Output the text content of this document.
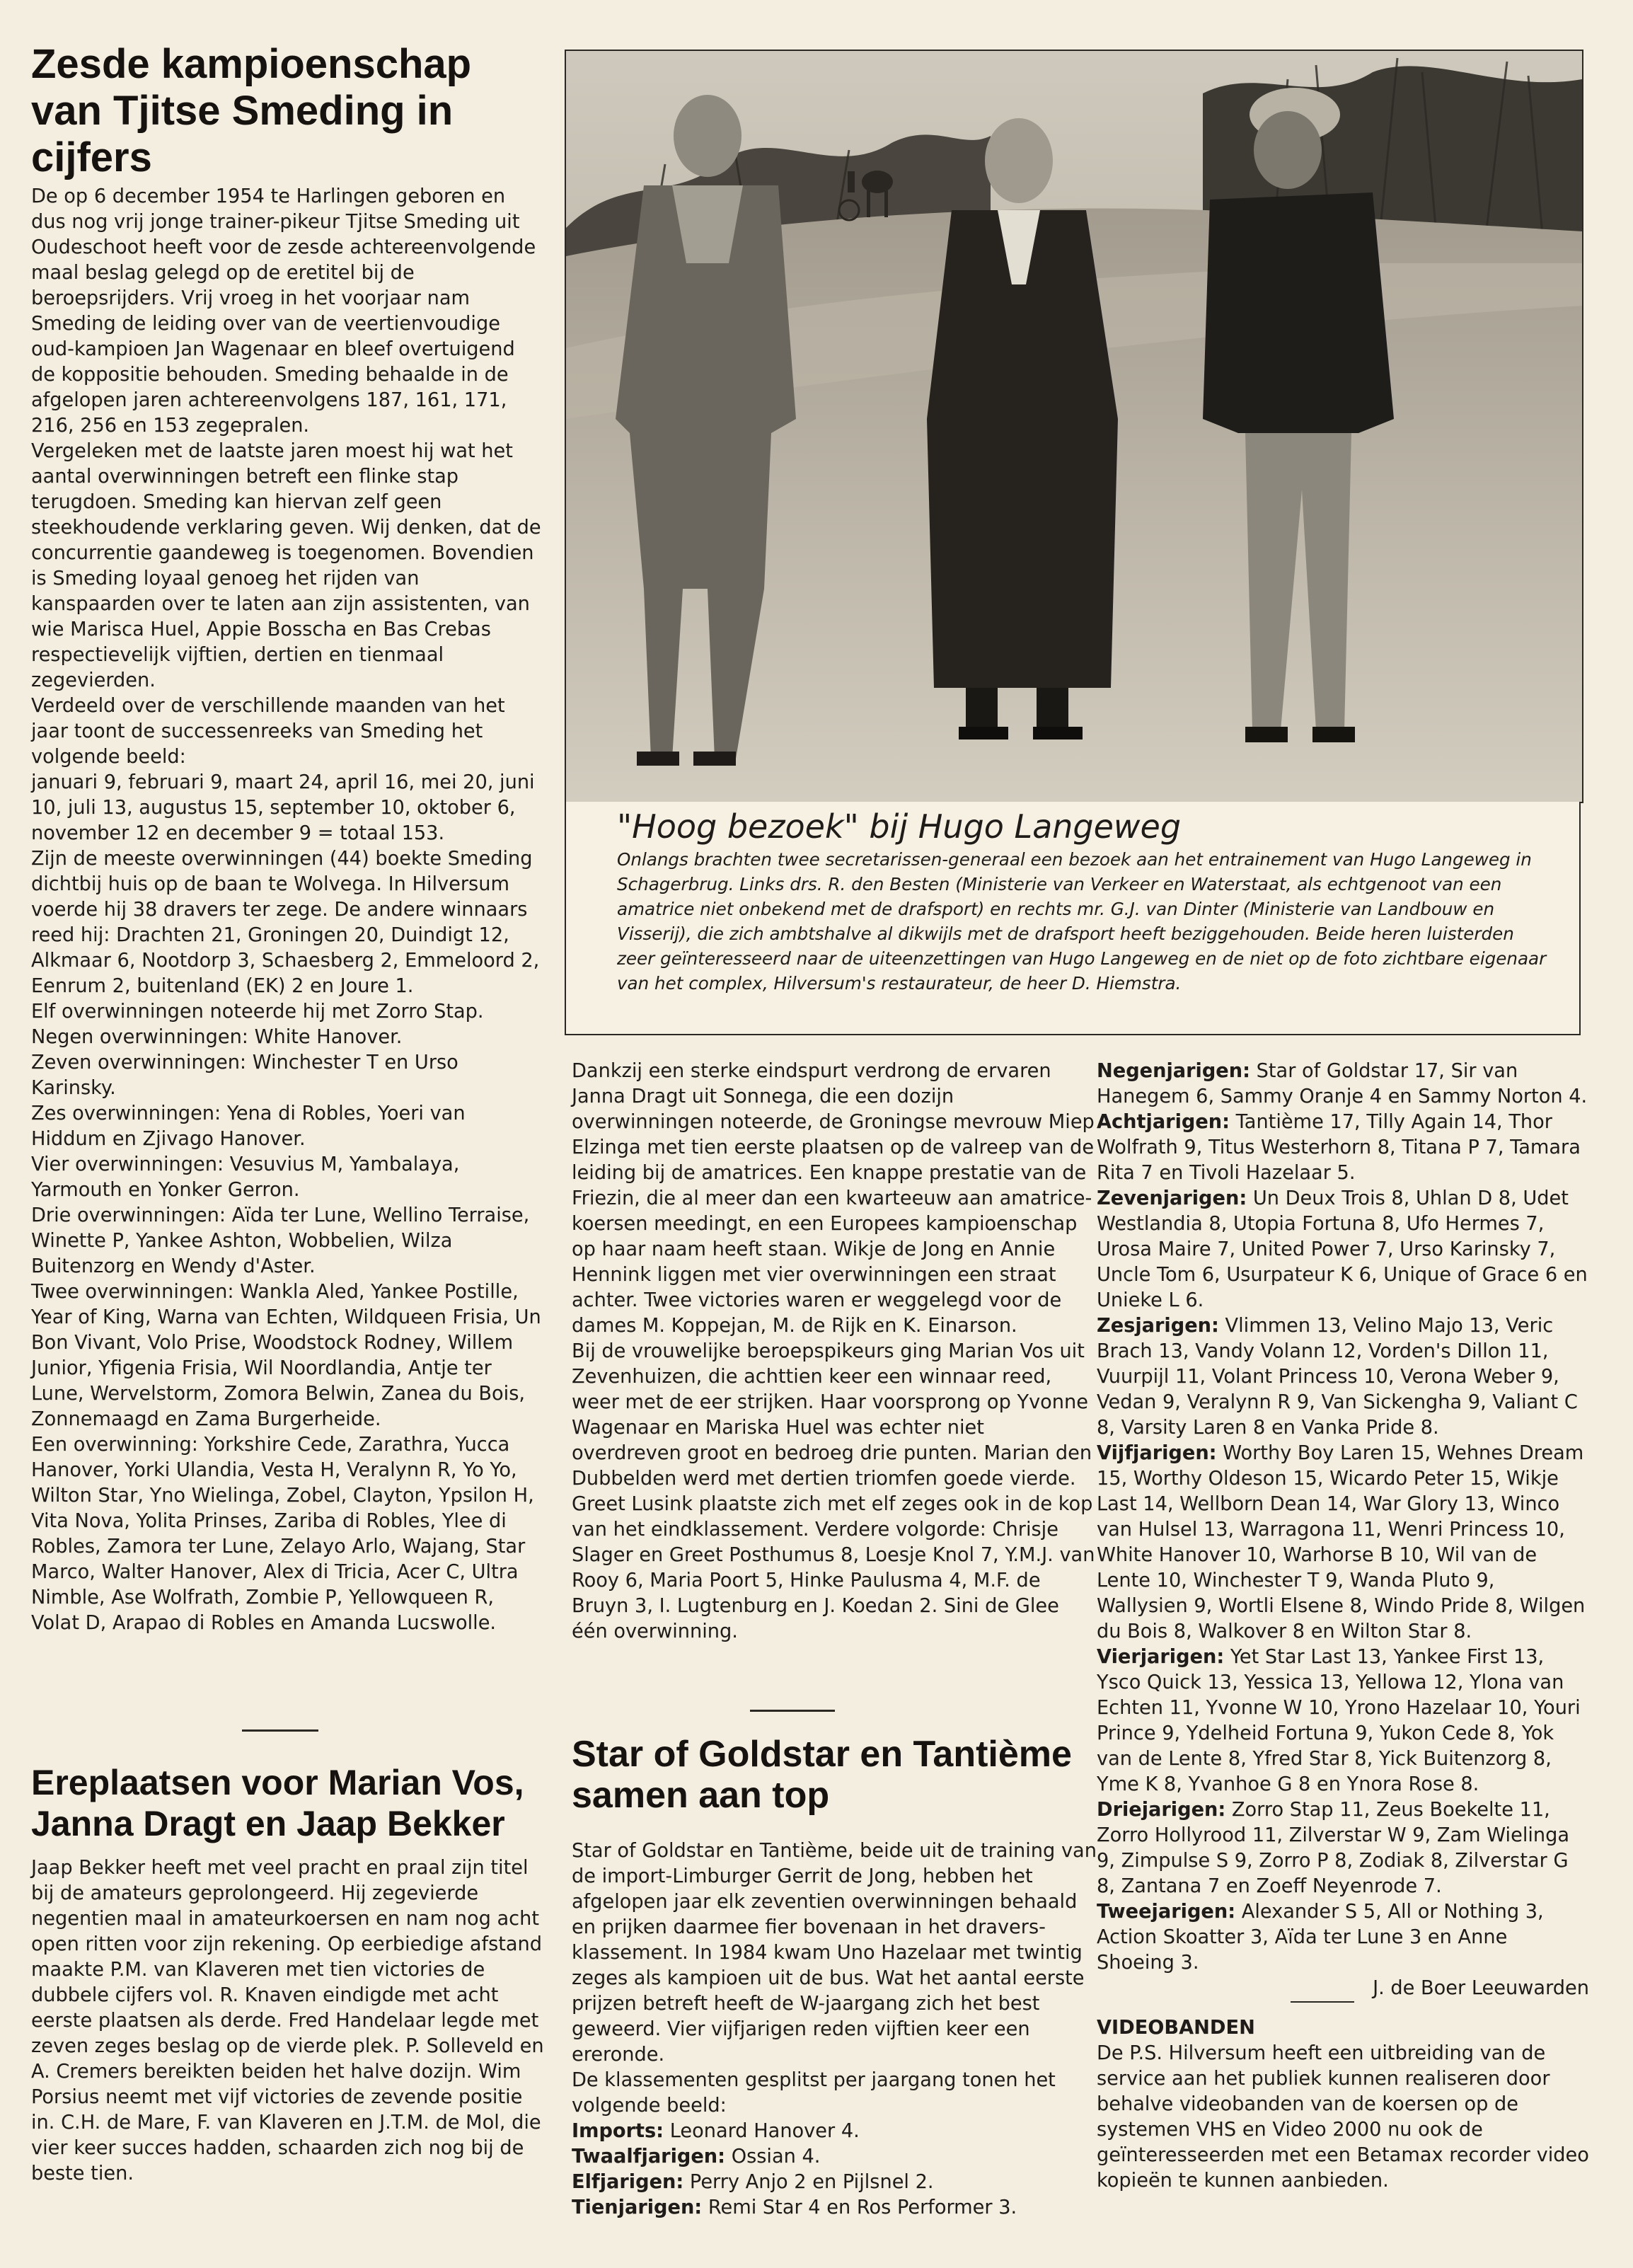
Zesde kampioenschap van Tjitse Smeding in cijfers

De op 6 december 1954 te Harlingen geboren en dus nog vrij jonge trainer-pikeur Tjitse Smeding uit Oudeschoot heeft voor de zesde achtereenvolgende maal beslag gelegd op de eretitel bij de beroepsrijders. Vrij vroeg in het voorjaar nam Smeding de leiding over van de veertienvoudige oud-kampioen Jan Wagenaar en bleef overtuigend de koppositie behouden. Smeding behaalde in de afgelopen jaren achtereenvolgens 187, 161, 171, 216, 256 en 153 zegepralen.

Vergeleken met de laatste jaren moest hij wat het aantal overwinningen betreft een flinke stap terugdoen. Smeding kan hiervan zelf geen steekhoudende verklaring geven. Wij denken, dat de concurrentie gaandeweg is toegenomen. Bovendien is Smeding loyaal genoeg het rijden van kanspaarden over te laten aan zijn assistenten, van wie Marisca Huel, Appie Bosscha en Bas Crebas respectievelijk vijftien, dertien en tienmaal zegevierden.

Verdeeld over de verschillende maanden van het jaar toont de successenreeks van Smeding het volgende beeld:

januari 9, februari 9, maart 24, april 16, mei 20, juni 10, juli 13, augustus 15, september 10, oktober 6, november 12 en december 9 = totaal 153.

Zijn de meeste overwinningen (44) boekte Smeding dichtbij huis op de baan te Wolvega. In Hilversum voerde hij 38 dravers ter zege. De andere winnaars reed hij: Drachten 21, Groningen 20, Duindigt 12, Alkmaar 6, Nootdorp 3, Schaesberg 2, Emmeloord 2, Eenrum 2, buitenland (EK) 2 en Joure 1.

Elf overwinningen noteerde hij met Zorro Stap.

Negen overwinningen: White Hanover.

Zeven overwinningen: Winchester T en Urso Karinsky.

Zes overwinningen: Yena di Robles, Yoeri van Hiddum en Zjivago Hanover.

Vier overwinningen: Vesuvius M, Yambalaya, Yarmouth en Yonker Gerron.

Drie overwinningen: Aïda ter Lune, Wellino Terraise, Winette P, Yankee Ashton, Wobbelien, Wilza Buitenzorg en Wendy d'Aster.

Twee overwinningen: Wankla Aled, Yankee Postille, Year of King, Warna van Echten, Wildqueen Frisia, Un Bon Vivant, Volo Prise, Woodstock Rodney, Willem Junior, Yfigenia Frisia, Wil Noordlandia, Antje ter Lune, Wervelstorm, Zomora Belwin, Zanea du Bois, Zonnemaagd en Zama Burgerheide.

Een overwinning: Yorkshire Cede, Zarathra, Yucca Hanover, Yorki Ulandia, Vesta H, Veralynn R, Yo Yo, Wilton Star, Yno Wielinga, Zobel, Clayton, Ypsilon H, Vita Nova, Yolita Prinses, Zariba di Robles, Ylee di Robles, Zamora ter Lune, Zelayo Arlo, Wajang, Star Marco, Walter Hanover, Alex di Tricia, Acer C, Ultra Nimble, Ase Wolfrath, Zombie P, Yellowqueen R, Volat D, Arapao di Robles en Amanda Lucswolle.

Ereplaatsen voor Marian Vos, Janna Dragt en Jaap Bekker

Jaap Bekker heeft met veel pracht en praal zijn titel bij de amateurs geprolongeerd. Hij zegevierde negentien maal in amateurkoersen en nam nog acht open ritten voor zijn rekening. Op eerbiedige afstand maakte P.M. van Klaveren met tien victories de dubbele cijfers vol. R. Knaven eindigde met acht eerste plaatsen als derde. Fred Handelaar legde met zeven zeges beslag op de vierde plek. P. Solleveld en A. Cremers bereikten beiden het halve dozijn. Wim Porsius neemt met vijf victories de zevende positie in. C.H. de Mare, F. van Klaveren en J.T.M. de Mol, die vier keer succes hadden, schaarden zich nog bij de beste tien.

"Hoog bezoek" bij Hugo Langeweg

Onlangs brachten twee secretarissen-generaal een bezoek aan het entrainement van Hugo Langeweg in Schagerbrug. Links drs. R. den Besten (Ministerie van Verkeer en Waterstaat, als echtgenoot van een amatrice niet onbekend met de drafsport) en rechts mr. G.J. van Dinter (Ministerie van Landbouw en Visserij), die zich ambtshalve al dikwijls met de drafsport heeft beziggehouden. Beide heren luisterden zeer geïnteresseerd naar de uiteenzettingen van Hugo Langeweg en de niet op de foto zichtbare eigenaar van het complex, Hilversum's restaurateur, de heer D. Hiemstra.

Dankzij een sterke eindspurt verdrong de ervaren Janna Dragt uit Sonnega, die een dozijn overwinningen noteerde, de Groningse mevrouw Miep Elzinga met tien eerste plaatsen op de valreep van de leiding bij de amatrices. Een knappe prestatie van de Friezin, die al meer dan een kwarteeuw aan amatrice-koersen meedingt, en een Europees kampioenschap op haar naam heeft staan. Wikje de Jong en Annie Hennink liggen met vier overwinningen een straat achter. Twee victories waren er weggelegd voor de dames M. Koppejan, M. de Rijk en K. Einarson.

Bij de vrouwelijke beroepspikeurs ging Marian Vos uit Zevenhuizen, die achttien keer een winnaar reed, weer met de eer strijken. Haar voorsprong op Yvonne Wagenaar en Mariska Huel was echter niet overdreven groot en bedroeg drie punten. Marian den Dubbelden werd met dertien triomfen goede vierde. Greet Lusink plaatste zich met elf zeges ook in de kop van het eindklassement. Verdere volgorde: Chrisje Slager en Greet Posthumus 8, Loesje Knol 7, Y.M.J. van Rooy 6, Maria Poort 5, Hinke Paulusma 4, M.F. de Bruyn 3, I. Lugtenburg en J. Koedan 2. Sini de Glee één overwinning.

Star of Goldstar en Tantième samen aan top

Star of Goldstar en Tantième, beide uit de training van de import-Limburger Gerrit de Jong, hebben het afgelopen jaar elk zeventien overwinningen behaald en prijken daarmee fier bovenaan in het dravers-klassement. In 1984 kwam Uno Hazelaar met twintig zeges als kampioen uit de bus. Wat het aantal eerste prijzen betreft heeft de W-jaargang zich het best geweerd. Vier vijfjarigen reden vijftien keer een ereronde.

De klassementen gesplitst per jaargang tonen het volgende beeld:

Imports: Leonard Hanover 4.

Twaalfjarigen: Ossian 4.

Elfjarigen: Perry Anjo 2 en Pijlsnel 2.

Tienjarigen: Remi Star 4 en Ros Performer 3.

Negenjarigen: Star of Goldstar 17, Sir van Hanegem 6, Sammy Oranje 4 en Sammy Norton 4.

Achtjarigen: Tantième 17, Tilly Again 14, Thor Wolfrath 9, Titus Westerhorn 8, Titana P 7, Tamara Rita 7 en Tivoli Hazelaar 5.

Zevenjarigen: Un Deux Trois 8, Uhlan D 8, Udet Westlandia 8, Utopia Fortuna 8, Ufo Hermes 7, Urosa Maire 7, United Power 7, Urso Karinsky 7, Uncle Tom 6, Usurpateur K 6, Unique of Grace 6 en Unieke L 6.

Zesjarigen: Vlimmen 13, Velino Majo 13, Veric Brach 13, Vandy Volann 12, Vorden's Dillon 11, Vuurpijl 11, Volant Princess 10, Verona Weber 9, Vedan 9, Veralynn R 9, Van Sickengha 9, Valiant C 8, Varsity Laren 8 en Vanka Pride 8.

Vijfjarigen: Worthy Boy Laren 15, Wehnes Dream 15, Worthy Oldeson 15, Wicardo Peter 15, Wikje Last 14, Wellborn Dean 14, War Glory 13, Winco van Hulsel 13, Warragona 11, Wenri Princess 10, White Hanover 10, Warhorse B 10, Wil van de Lente 10, Winchester T 9, Wanda Pluto 9, Wallysien 9, Wortli Elsene 8, Windo Pride 8, Wilgen du Bois 8, Walkover 8 en Wilton Star 8.

Vierjarigen: Yet Star Last 13, Yankee First 13, Ysco Quick 13, Yessica 13, Yellowa 12, Ylona van Echten 11, Yvonne W 10, Yrono Hazelaar 10, Youri Prince 9, Ydelheid Fortuna 9, Yukon Cede 8, Yok van de Lente 8, Yfred Star 8, Yick Buitenzorg 8, Yme K 8, Yvanhoe G 8 en Ynora Rose 8.

Driejarigen: Zorro Stap 11, Zeus Boekelte 11, Zorro Hollyrood 11, Zilverstar W 9, Zam Wielinga 9, Zimpulse S 9, Zorro P 8, Zodiak 8, Zilverstar G 8, Zantana 7 en Zoeff Neyenrode 7.

Tweejarigen: Alexander S 5, All or Nothing 3, Action Skoatter 3, Aïda ter Lune 3 en Anne Shoeing 3.

J. de Boer Leeuwarden

VIDEOBANDEN

De P.S. Hilversum heeft een uitbreiding van de service aan het publiek kunnen realiseren door behalve videobanden van de koersen op de systemen VHS en Video 2000 nu ook de geïnteresseerden met een Betamax recorder video kopieën te kunnen aanbieden.
